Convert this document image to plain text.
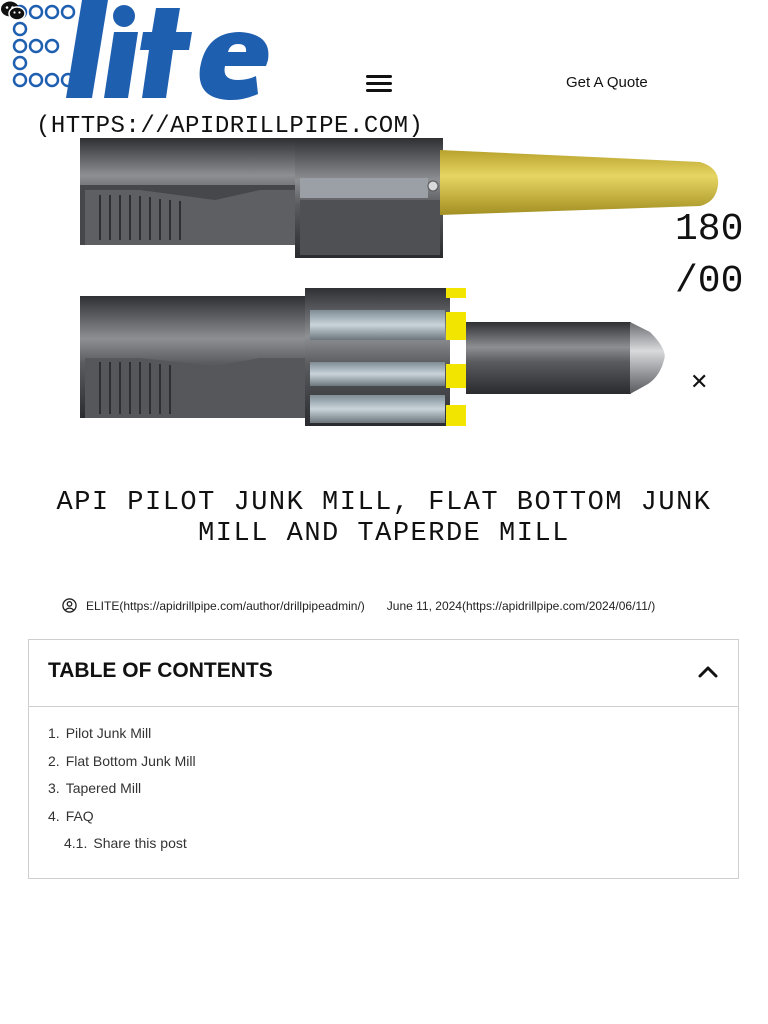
Get A Quote
(HTTPS://APIDRILLPIPE.COM)
180
/00
✕
API PILOT JUNK MILL, FLAT BOTTOM JUNK MILL AND TAPERDE MILL
ELITE(https://apidrillpipe.com/author/drillpipeadmin/) June 11, 2024(https://apidrillpipe.com/2024/06/11/)
TABLE OF CONTENTS
1. Pilot Junk Mill
2. Flat Bottom Junk Mill
3. Tapered Mill
4. FAQ
4.1. Share this post
